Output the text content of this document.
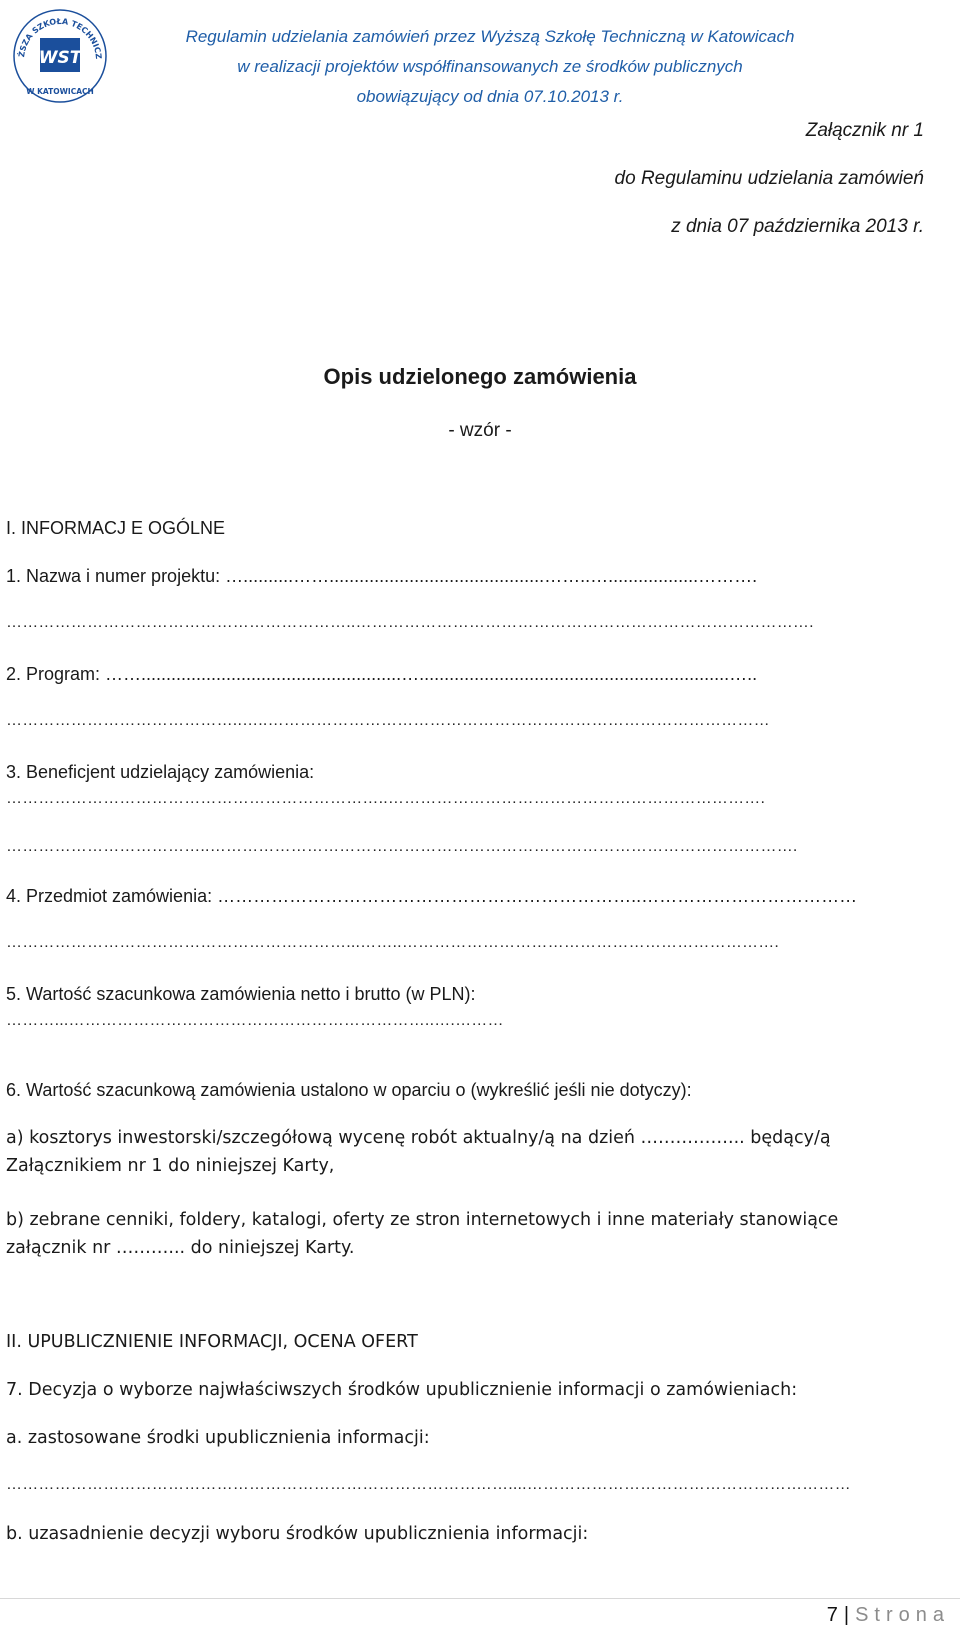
ŻSZA SZKOŁA TECHNICZ
W KATOWICACH
WST
Regulamin udzielania zamówień przez Wyższą Szkołę Techniczną w Katowicach
w realizacji projektów współfinansowanych ze środków publicznych
obowiązujący od dnia 07.10.2013 r.
Załącznik nr 1
do Regulaminu udzielania zamówień
z dnia 07 października 2013 r.
Opis udzielonego zamówienia
- wzór -
I. INFORMACJ E OGÓLNE
1. Nazwa i numer projektu: …..........……...........................................……..…..................……….
………………………………………………………..………………………………………………………………………….
2. Program: ……....................................................…..............................................................…..
……………………………………..…..…………………………………………………………………………………
3. Beneficjent udzielający zamówienia:
……………………………………………………………..…………………………………………………………….
………………………………..……………………………………………………………………………………………….
4. Przedmiot zamówienia: ……………………………………………………………..………………………………
………………………………………………………...……..…………………………………………………………….
5. Wartość szacunkowa zamówienia netto i brutto (w PLN):
………...…………………………………………………………..….………
6. Wartość szacunkową zamówienia ustalono w oparciu o (wykreślić jeśli nie dotyczy):
a) kosztorys inwestorski/szczegółową wycenę robót aktualny/ą na dzień ……………... będący/ą
Załącznikiem nr 1 do niniejszej Karty,
b) zebrane cenniki, foldery, katalogi, oferty ze stron internetowych i inne materiały stanowiące
załącznik nr ………... do niniejszej Karty.
II. UPUBLICZNIENIE INFORMACJI, OCENA OFERT
7. Decyzja o wyborze najwłaściwszych środków upublicznienie informacji o zamówieniach:
a. zastosowane środki upublicznienia informacji:
…………………………………………………………………………………....……………………………………………………
b. uzasadnienie decyzji wyboru środków upublicznienia informacji:
7 | Strona
